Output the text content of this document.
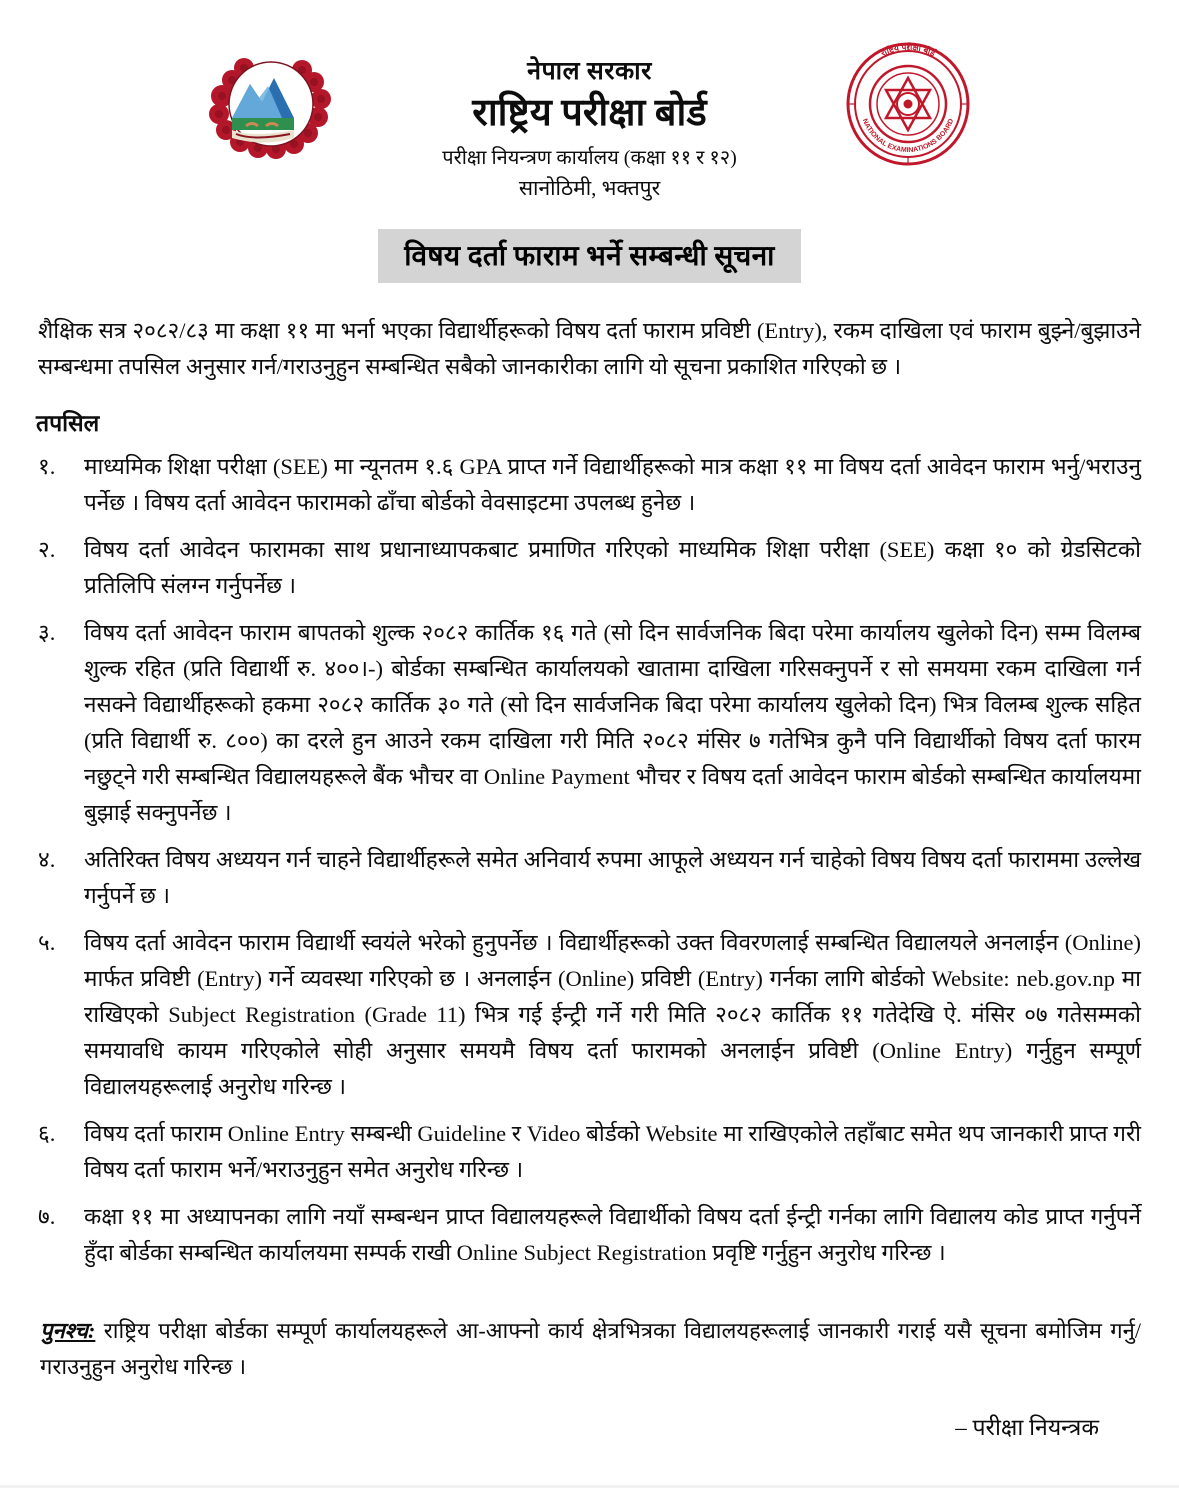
नेपाल सरकार
राष्ट्रिय परीक्षा बोर्ड
परीक्षा नियन्त्रण कार्यालय (कक्षा ११ र १२)
सानोठिमी, भक्तपुर
राष्ट्रिय परीक्षा बोर्ड
NATIONAL EXAMINATIONS BOARD
विषय दर्ता फाराम भर्ने सम्बन्धी सूचना
शैक्षिक सत्र २०८२/८३ मा कक्षा ११ मा भर्ना भएका विद्यार्थीहरूको विषय दर्ता फाराम प्रविष्टी (Entry), रकम दाखिला एवं फाराम बुझ्ने/बुझाउने सम्बन्धमा तपसिल अनुसार गर्न/गराउनुहुन सम्बन्धित सबैको जानकारीका लागि यो सूचना प्रकाशित गरिएको छ ।
तपसिल
१.	माध्यमिक शिक्षा परीक्षा (SEE) मा न्यूनतम १.६ GPA प्राप्त गर्ने विद्यार्थीहरूको मात्र कक्षा ११ मा विषय दर्ता आवेदन फाराम भर्नु/भराउनु पर्नेछ । विषय दर्ता आवेदन फारामको ढाँचा बोर्डको वेवसाइटमा उपलब्ध हुनेछ ।
२.	विषय दर्ता आवेदन फारामका साथ प्रधानाध्यापकबाट प्रमाणित गरिएको माध्यमिक शिक्षा परीक्षा (SEE) कक्षा १० को ग्रेडसिटको प्रतिलिपि संलग्न गर्नुपर्नेछ ।
३.	विषय दर्ता आवेदन फाराम बापतको शुल्क २०८२ कार्तिक १६ गते (सो दिन सार्वजनिक बिदा परेमा कार्यालय खुलेको दिन) सम्म विलम्ब शुल्क रहित (प्रति विद्यार्थी रु. ४००।-) बोर्डका सम्बन्धित कार्यालयको खातामा दाखिला गरिसक्नुपर्ने र सो समयमा रकम दाखिला गर्न नसक्ने विद्यार्थीहरूको हकमा २०८२ कार्तिक ३० गते (सो दिन सार्वजनिक बिदा परेमा कार्यालय खुलेको दिन) भित्र विलम्ब शुल्क सहित (प्रति विद्यार्थी रु. ८००) का दरले हुन आउने रकम दाखिला गरी मिति २०८२ मंसिर ७ गतेभित्र कुनै पनि विद्यार्थीको विषय दर्ता फारम नछुट्ने गरी सम्बन्धित विद्यालयहरूले बैंक भौचर वा Online Payment भौचर र विषय दर्ता आवेदन फाराम बोर्डको सम्बन्धित कार्यालयमा बुझाई सक्नुपर्नेछ ।
४.	अतिरिक्त विषय अध्ययन गर्न चाहने विद्यार्थीहरूले समेत अनिवार्य रुपमा आफूले अध्ययन गर्न चाहेको विषय विषय दर्ता फाराममा उल्लेख गर्नुपर्ने छ ।
५.	विषय दर्ता आवेदन फाराम विद्यार्थी स्वयंले भरेको हुनुपर्नेछ । विद्यार्थीहरूको उक्त विवरणलाई सम्बन्धित विद्यालयले अनलाईन (Online) मार्फत प्रविष्टी (Entry) गर्ने व्यवस्था गरिएको छ । अनलाईन (Online) प्रविष्टी (Entry) गर्नका लागि बोर्डको Website: neb.gov.np मा राखिएको Subject Registration (Grade 11) भित्र गई ईन्ट्री गर्ने गरी मिति २०८२ कार्तिक ११ गतेदेखि ऐ. मंसिर ०७ गतेसम्मको समयावधि कायम गरिएकोले सोही अनुसार समयमै विषय दर्ता फारामको अनलाईन प्रविष्टी (Online Entry) गर्नुहुन सम्पूर्ण विद्यालयहरूलाई अनुरोध गरिन्छ ।
६.	विषय दर्ता फाराम Online Entry सम्बन्धी Guideline र Video बोर्डको Website मा राखिएकोले तहाँबाट समेत थप जानकारी प्राप्त गरी विषय दर्ता फाराम भर्ने/भराउनुहुन समेत अनुरोध गरिन्छ ।
७.	कक्षा ११ मा अध्यापनका लागि नयाँ सम्बन्धन प्राप्त विद्यालयहरूले विद्यार्थीको विषय दर्ता ईन्ट्री गर्नका लागि विद्यालय कोड प्राप्त गर्नुपर्ने हुँदा बोर्डका सम्बन्धित कार्यालयमा सम्पर्क राखी Online Subject Registration प्रवृष्टि गर्नुहुन अनुरोध गरिन्छ ।
पुनश्च: राष्ट्रिय परीक्षा बोर्डका सम्पूर्ण कार्यालयहरूले आ-आफ्नो कार्य क्षेत्रभित्रका विद्यालयहरूलाई जानकारी गराई यसै सूचना बमोजिम गर्नु/गराउनुहुन अनुरोध गरिन्छ ।
– परीक्षा नियन्त्रक
